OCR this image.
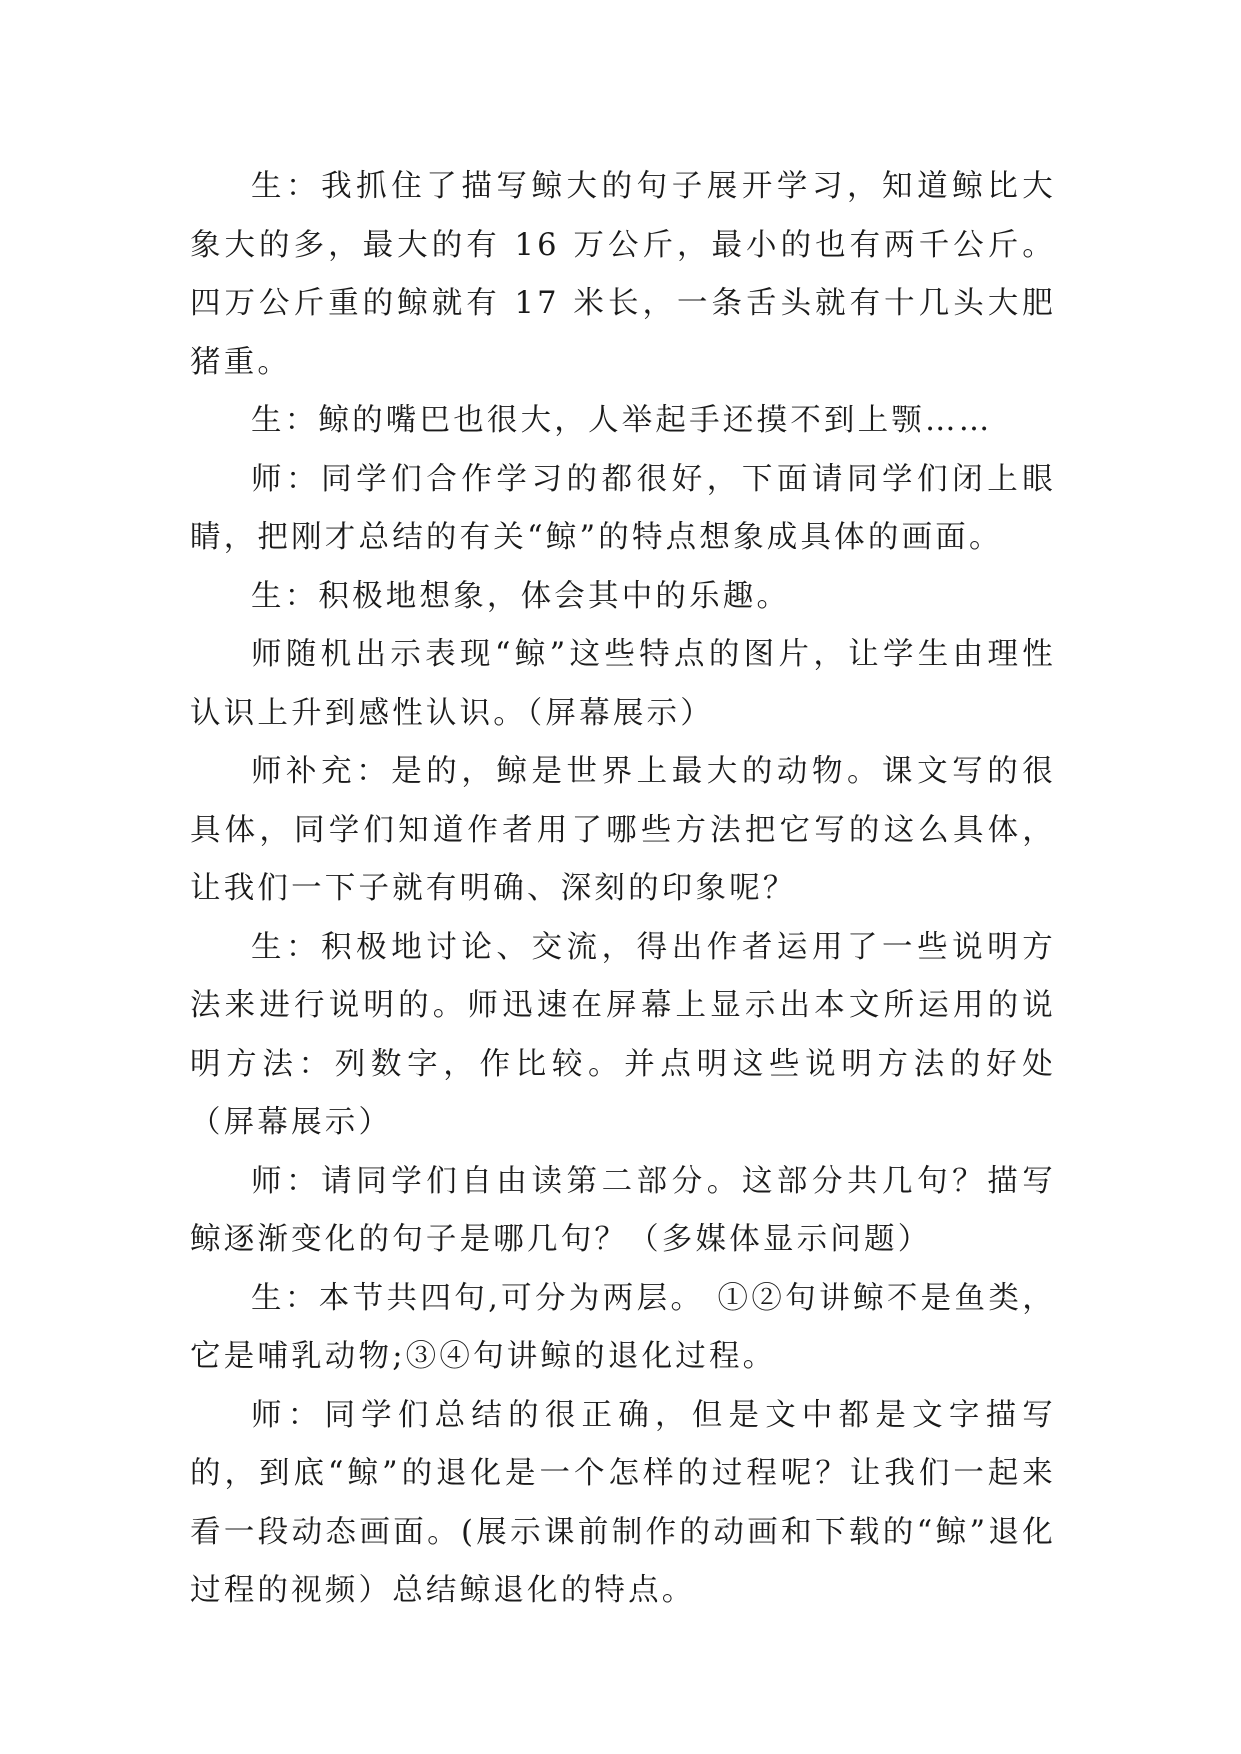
生：我抓住了描写鲸大的句子展开学习，知道鲸比大象大的多，最大的有 16 万公斤，最小的也有两千公斤。四万公斤重的鲸就有 17 米长，一条舌头就有十几头大肥猪重。

生：鲸的嘴巴也很大，人举起手还摸不到上颚……

师：同学们合作学习的都很好，下面请同学们闭上眼睛，把刚才总结的有关“鲸”的特点想象成具体的画面。

生：积极地想象，体会其中的乐趣。

师随机出示表现“鲸”这些特点的图片，让学生由理性认识上升到感性认识。（屏幕展示）

师补充：是的，鲸是世界上最大的动物。课文写的很具体，同学们知道作者用了哪些方法把它写的这么具体，让我们一下子就有明确、深刻的印象呢？

生：积极地讨论、交流，得出作者运用了一些说明方法来进行说明的。师迅速在屏幕上显示出本文所运用的说明方法：列数字，作比较。并点明这些说明方法的好处（屏幕展示）

师：请同学们自由读第二部分。这部分共几句？描写鲸逐渐变化的句子是哪几句？（多媒体显示问题）

生：本节共四句,可分为两层。 ①②句讲鲸不是鱼类，它是哺乳动物;③④句讲鲸的退化过程。

师：同学们总结的很正确，但是文中都是文字描写的，到底“鲸”的退化是一个怎样的过程呢？让我们一起来看一段动态画面。(展示课前制作的动画和下载的“鲸”退化过程的视频）总结鲸退化的特点。
